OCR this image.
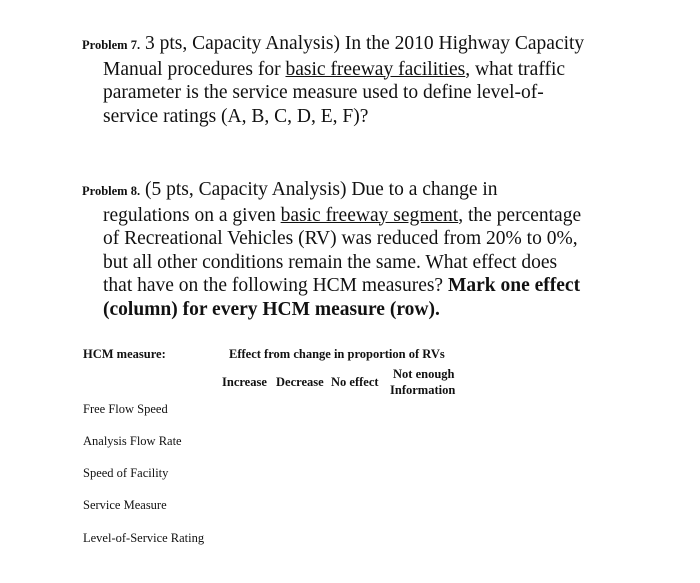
Problem 7. 3 pts, Capacity Analysis) In the 2010 Highway Capacity
Manual procedures for basic freeway facilities, what traffic
parameter is the service measure used to define level-of-
service ratings (A, B, C, D, E, F)?
Problem 8. (5 pts, Capacity Analysis) Due to a change in
regulations on a given basic freeway segment, the percentage
of Recreational Vehicles (RV) was reduced from 20% to 0%,
but all other conditions remain the same. What effect does
that have on the following HCM measures? Mark one effect
(column) for every HCM measure (row).
HCM measure:	Effect from change in proportion of RVs
Increase Decrease No effect
Not enough
Information
Free Flow Speed
Analysis Flow Rate
Speed of Facility
Service Measure
Level-of-Service Rating
